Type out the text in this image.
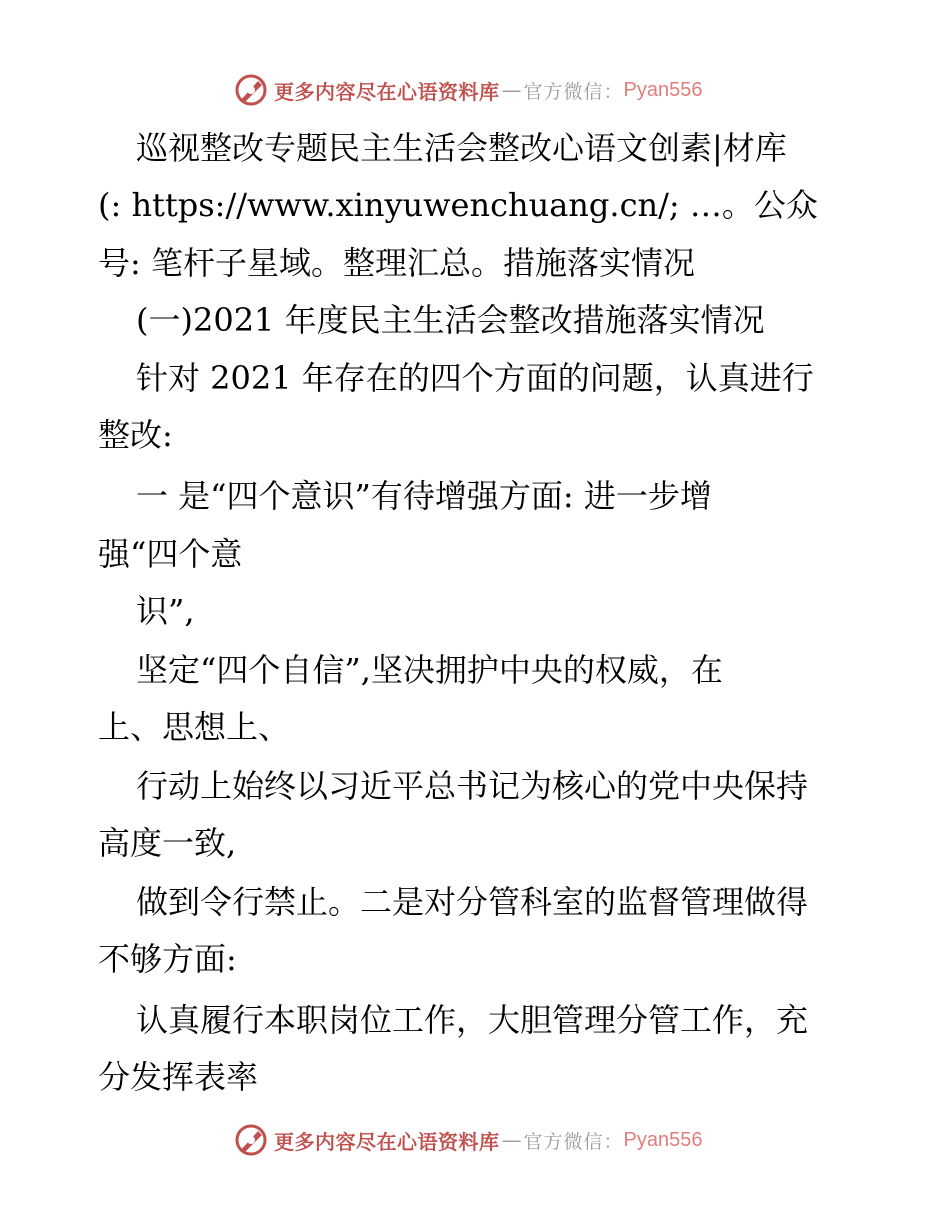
更多内容尽在心语资料库 — 官方微信： Pyan556
巡视整改专题民主生活会整改心语文创素|材库
(: https://www.xinyuwenchuang.cn/; …。公众
号: 笔杆子星域。整理汇总。措施落实情况
(一)2021 年度民主生活会整改措施落实情况
针对 2021 年存在的四个方面的问题，认真进行
整改:
一 是“四个意识”有待增强方面: 进一步增
强“四个意
识”,
坚定“四个自信”,坚决拥护中央的权威，在
上、思想上、
行动上始终以习近平总书记为核心的党中央保持
高度一致,
做到令行禁止。二是对分管科室的监督管理做得
不够方面:
认真履行本职岗位工作，大胆管理分管工作，充
分发挥表率
更多内容尽在心语资料库 — 官方微信： Pyan556
